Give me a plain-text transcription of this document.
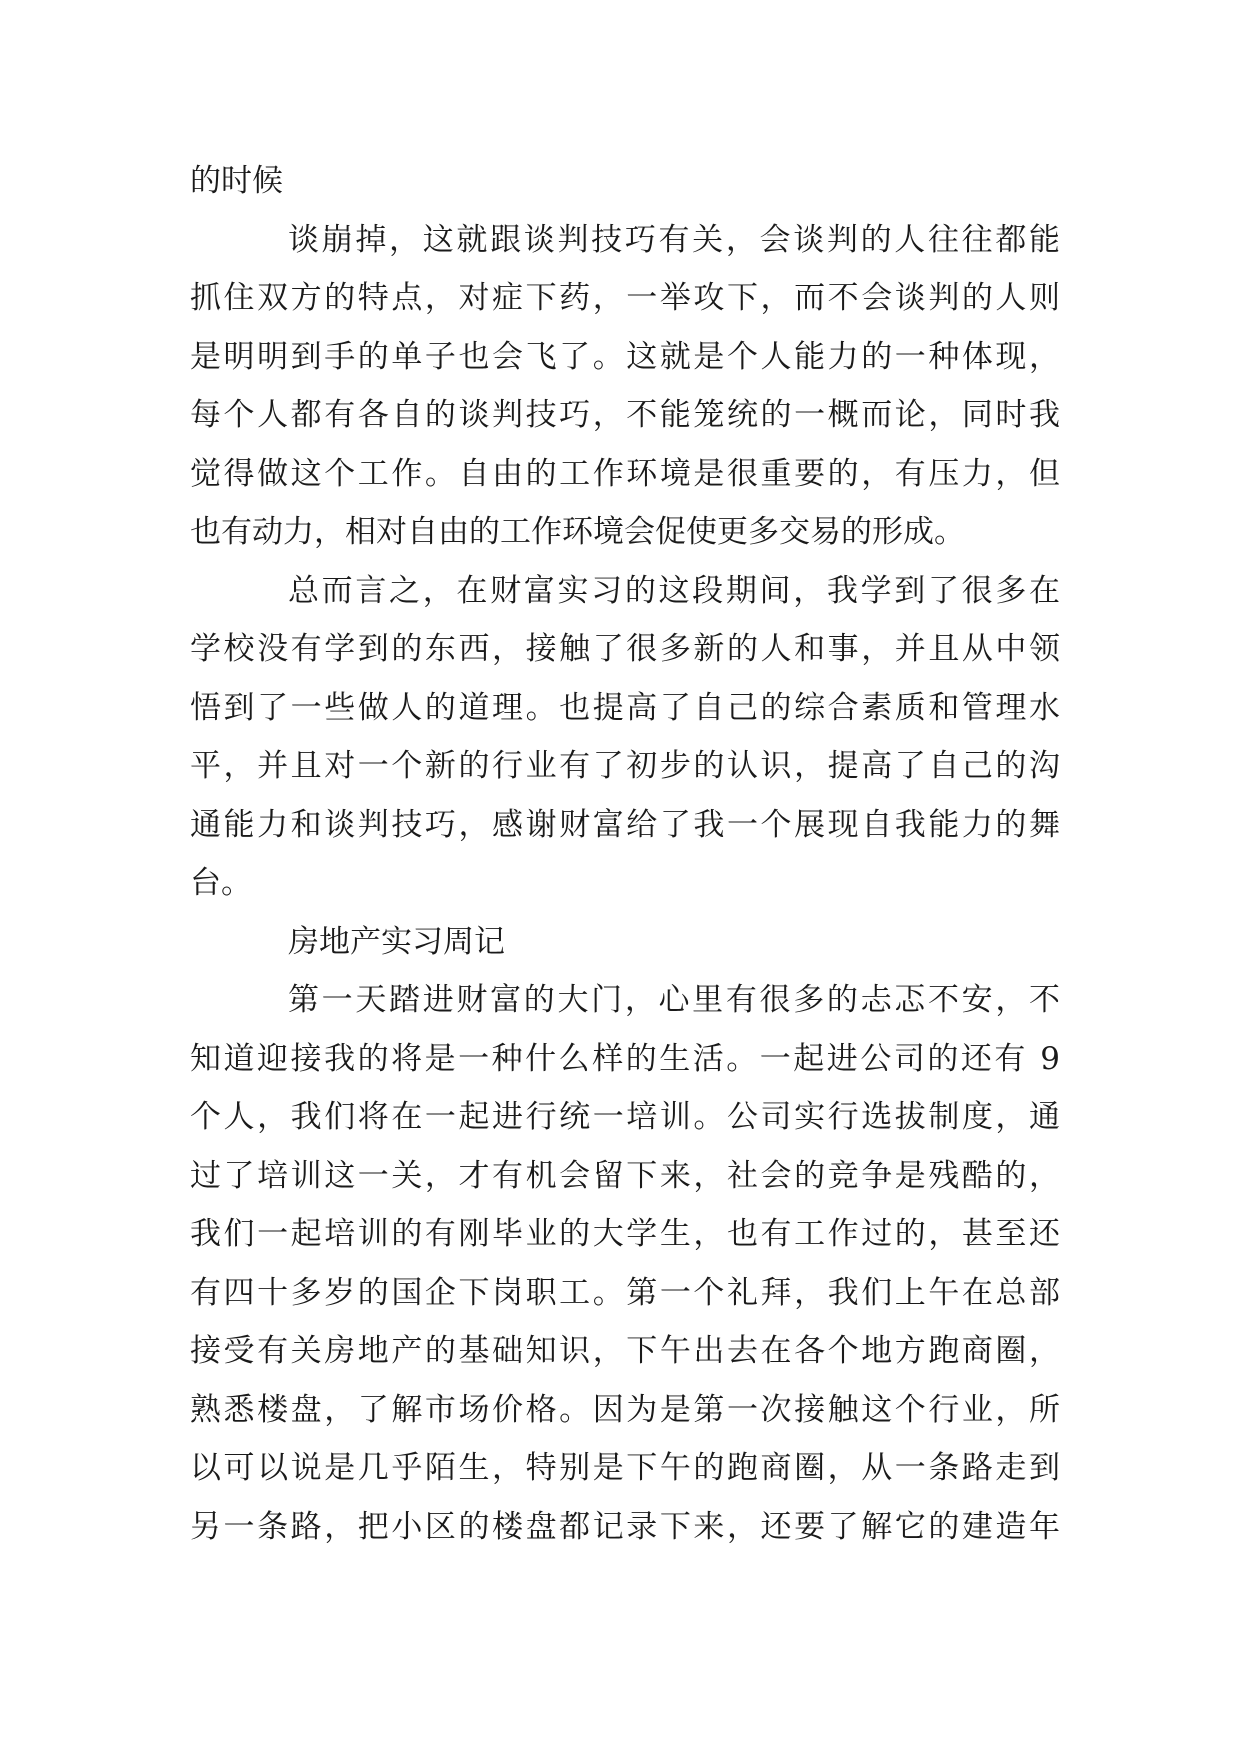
的时候
谈崩掉，这就跟谈判技巧有关，会谈判的人往往都能
抓住双方的特点，对症下药，一举攻下，而不会谈判的人则
是明明到手的单子也会飞了。这就是个人能力的一种体现，
每个人都有各自的谈判技巧，不能笼统的一概而论，同时我
觉得做这个工作。自由的工作环境是很重要的，有压力，但
也有动力，相对自由的工作环境会促使更多交易的形成。
总而言之，在财富实习的这段期间，我学到了很多在
学校没有学到的东西，接触了很多新的人和事，并且从中领
悟到了一些做人的道理。也提高了自己的综合素质和管理水
平，并且对一个新的行业有了初步的认识，提高了自己的沟
通能力和谈判技巧，感谢财富给了我一个展现自我能力的舞
台。
房地产实习周记
第一天踏进财富的大门，心里有很多的忐忑不安，不
知道迎接我的将是一种什么样的生活。一起进公司的还有 9
个人，我们将在一起进行统一培训。公司实行选拔制度，通
过了培训这一关，才有机会留下来，社会的竞争是残酷的，
我们一起培训的有刚毕业的大学生，也有工作过的，甚至还
有四十多岁的国企下岗职工。第一个礼拜，我们上午在总部
接受有关房地产的基础知识，下午出去在各个地方跑商圈，
熟悉楼盘，了解市场价格。因为是第一次接触这个行业，所
以可以说是几乎陌生，特别是下午的跑商圈，从一条路走到
另一条路，把小区的楼盘都记录下来，还要了解它的建造年
